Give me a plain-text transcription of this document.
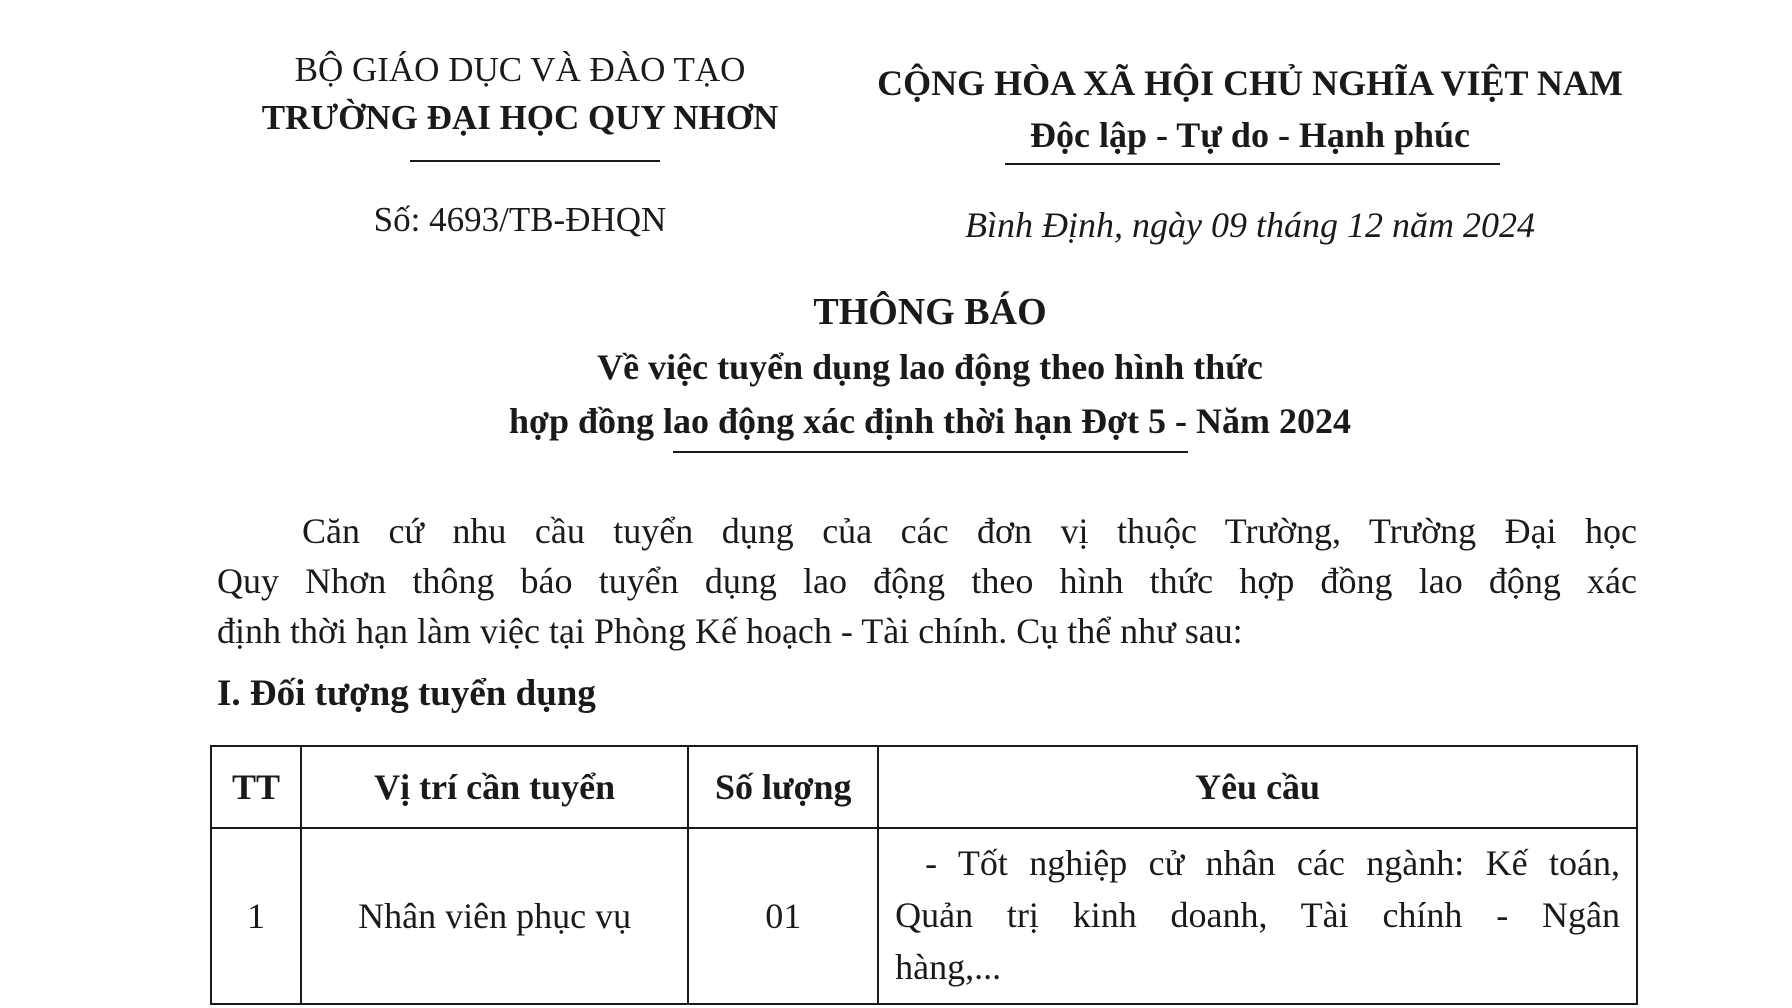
BỘ GIÁO DỤC VÀ ĐÀO TẠO
TRƯỜNG ĐẠI HỌC QUY NHƠN
Số: 4693/TB-ĐHQN
CỘNG HÒA XÃ HỘI CHỦ NGHĨA VIỆT NAM
Độc lập - Tự do - Hạnh phúc
Bình Định, ngày 09 tháng 12 năm 2024
THÔNG BÁO
Về việc tuyển dụng lao động theo hình thức
hợp đồng lao động xác định thời hạn Đợt 5 - Năm 2024
Căn cứ nhu cầu tuyển dụng của các đơn vị thuộc Trường, Trường Đại học
Quy Nhơn thông báo tuyển dụng lao động theo hình thức hợp đồng lao động xác
định thời hạn làm việc tại Phòng Kế hoạch - Tài chính. Cụ thể như sau:
I. Đối tượng tuyển dụng
TT	Vị trí cần tuyển	Số lượng	Yêu cầu
1	Nhân viên phục vụ	01	- Tốt nghiệp cử nhân các ngành: Kế toán,
Quản trị kinh doanh, Tài chính - Ngân
hàng,...
